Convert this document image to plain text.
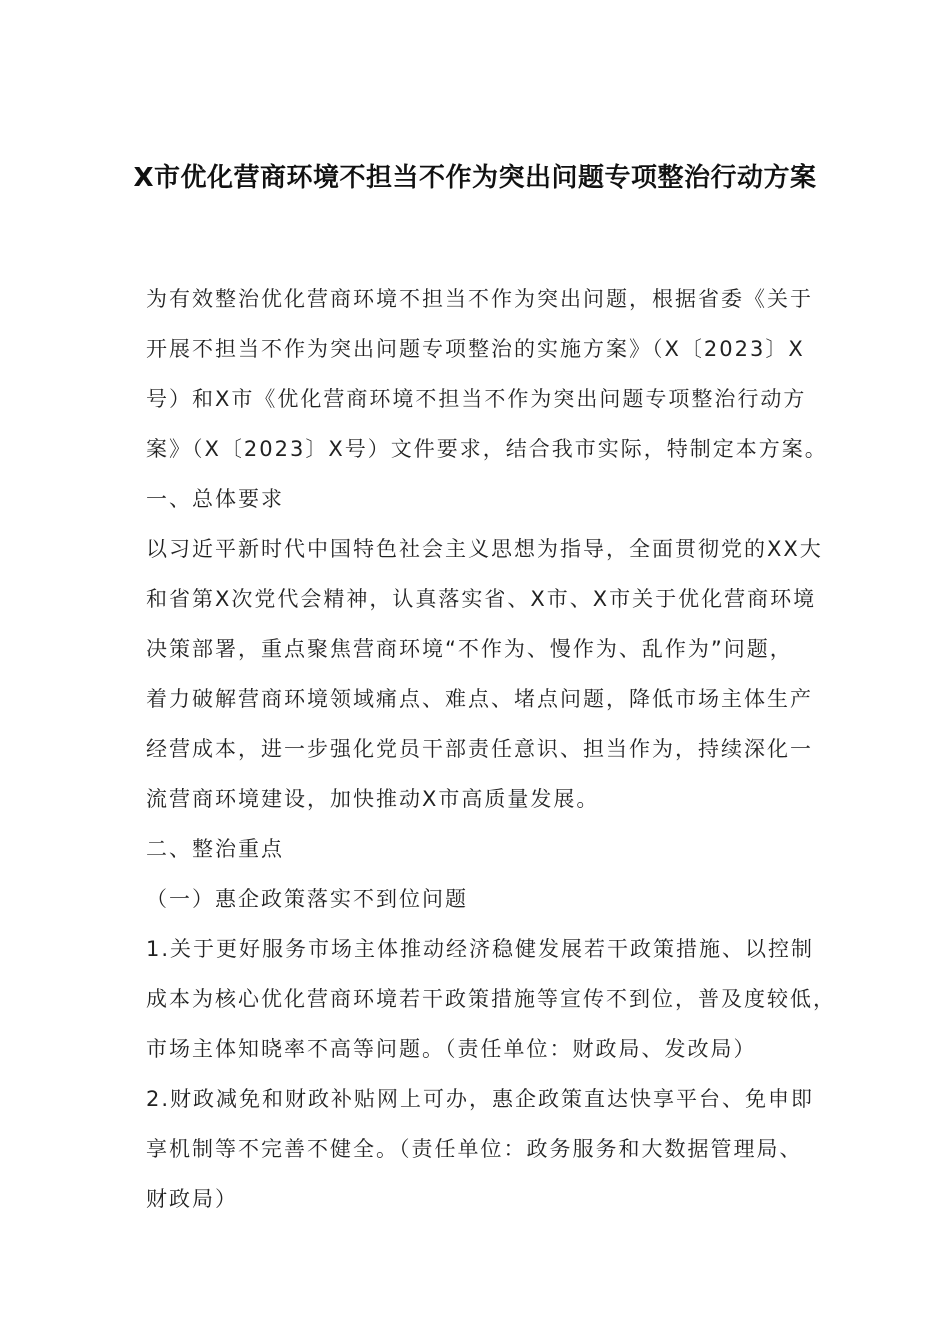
X市优化营商环境不担当不作为突出问题专项整治行动方案
为有效整治优化营商环境不担当不作为突出问题，根据省委《关于
开展不担当不作为突出问题专项整治的实施方案》（X〔2023〕X
号）和X市《优化营商环境不担当不作为突出问题专项整治行动方
案》（X〔2023〕X号）文件要求，结合我市实际，特制定本方案。
一、总体要求
以习近平新时代中国特色社会主义思想为指导，全面贯彻党的XX大
和省第X次党代会精神，认真落实省、X市、X市关于优化营商环境
决策部署，重点聚焦营商环境“不作为、慢作为、乱作为”问题，
着力破解营商环境领域痛点、难点、堵点问题，降低市场主体生产
经营成本，进一步强化党员干部责任意识、担当作为，持续深化一
流营商环境建设，加快推动X市高质量发展。
二、整治重点
（一）惠企政策落实不到位问题
1.关于更好服务市场主体推动经济稳健发展若干政策措施、以控制
成本为核心优化营商环境若干政策措施等宣传不到位，普及度较低，
市场主体知晓率不高等问题。（责任单位：财政局、发改局）
2.财政减免和财政补贴网上可办，惠企政策直达快享平台、免申即
享机制等不完善不健全。（责任单位：政务服务和大数据管理局、
财政局）
